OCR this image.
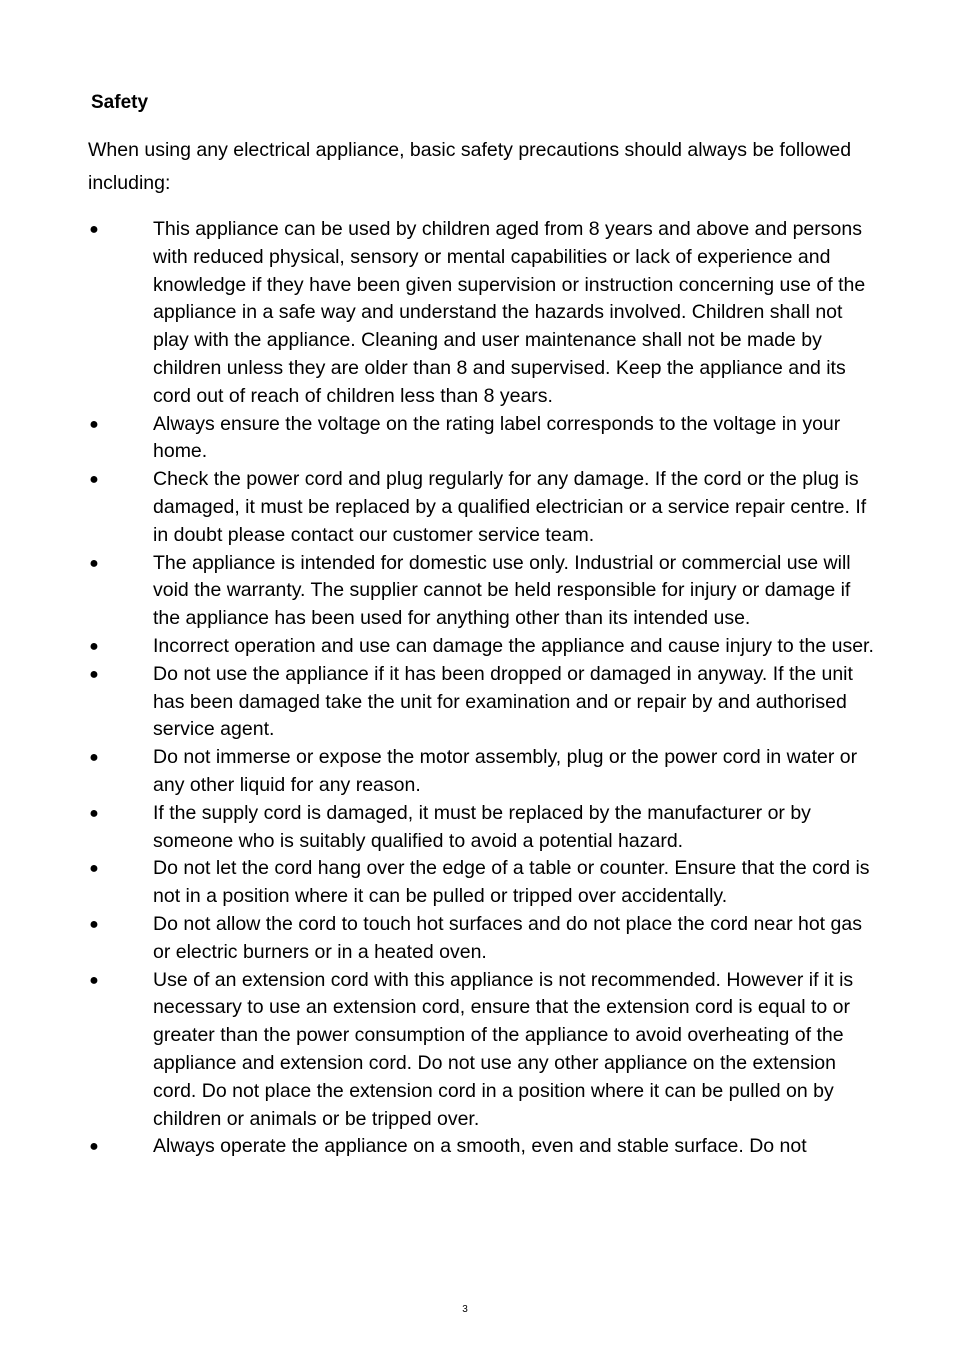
Safety

When using any electrical appliance, basic safety precautions should always be followed including:

●	This appliance can be used by children aged from 8 years and above and persons with reduced physical, sensory or mental capabilities or lack of experience and knowledge if they have been given supervision or instruction concerning use of the appliance in a safe way and understand the hazards involved. Children shall not play with the appliance. Cleaning and user maintenance shall not be made by children unless they are older than 8 and supervised. Keep the appliance and its cord out of reach of children less than 8 years.
●	Always ensure the voltage on the rating label corresponds to the voltage in your home.
●	Check the power cord and plug regularly for any damage. If the cord or the plug is damaged, it must be replaced by a qualified electrician or a service repair centre. If in doubt please contact our customer service team.
●	The appliance is intended for domestic use only. Industrial or commercial use will void the warranty. The supplier cannot be held responsible for injury or damage if the appliance has been used for anything other than its intended use.
●	Incorrect operation and use can damage the appliance and cause injury to the user.
●	Do not use the appliance if it has been dropped or damaged in anyway. If the unit has been damaged take the unit for examination and or repair by and authorised service agent.
●	Do not immerse or expose the motor assembly, plug or the power cord in water or any other liquid for any reason.
●	If the supply cord is damaged, it must be replaced by the manufacturer or by someone who is suitably qualified to avoid a potential hazard.
●	Do not let the cord hang over the edge of a table or counter. Ensure that the cord is not in a position where it can be pulled or tripped over accidentally.
●	Do not allow the cord to touch hot surfaces and do not place the cord near hot gas or electric burners or in a heated oven.
●	Use of an extension cord with this appliance is not recommended. However if it is necessary to use an extension cord, ensure that the extension cord is equal to or greater than the power consumption of the appliance to avoid overheating of the appliance and extension cord. Do not use any other appliance on the extension cord. Do not place the extension cord in a position where it can be pulled on by children or animals or be tripped over.
●	Always operate the appliance on a smooth, even and stable surface. Do not
3
